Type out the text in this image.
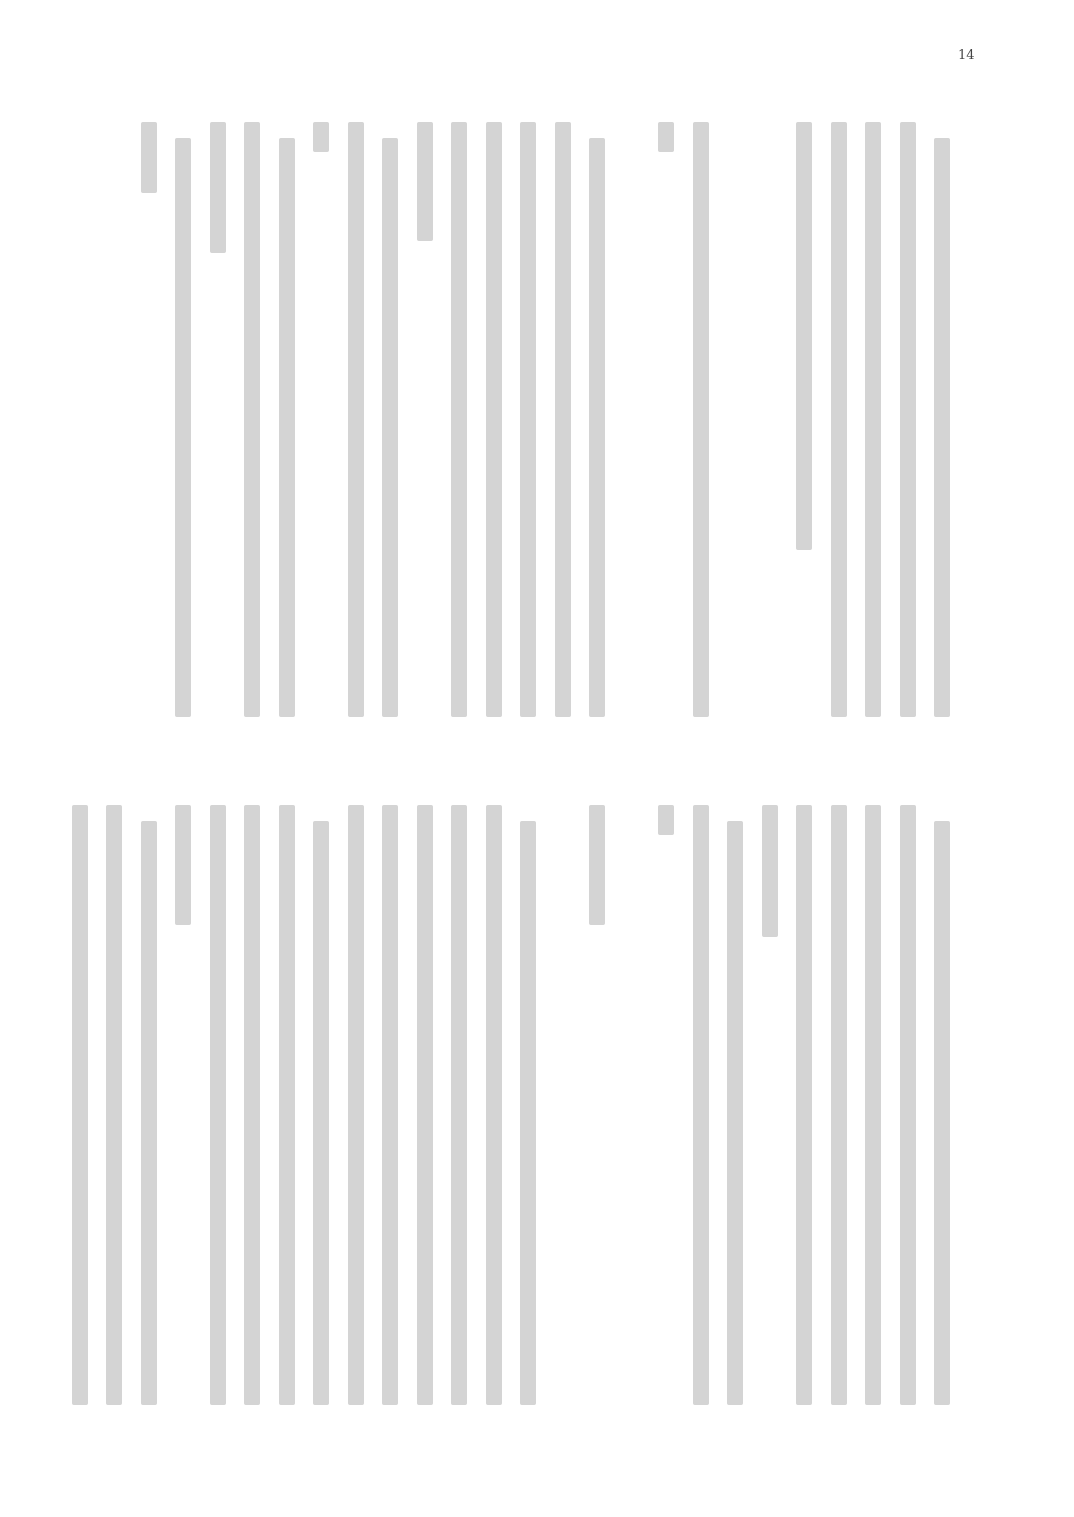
14
